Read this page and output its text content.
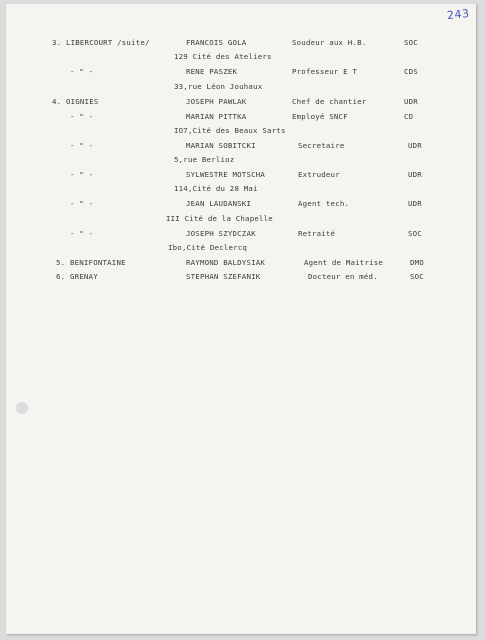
243
3. LIBERCOURT /suite/	FRANCOIS GOLA	Soudeur aux H.B.	SOC
129 Cité des Ateliers
- " -	RENE PASZEK	Professeur E T	CDS
33,rue Léon Jouhaux
4. OIGNIES	JOSEPH PAWLAK	Chef de chantier	UDR
- " -	MARIAN PITTKA	Employé SNCF	CD
IO7,Cité des Beaux Sarts
- " -	MARIAN SOBITCKI	Secretaire	UDR
5,rue Berlioz
- " -	SYLWESTRE MOTSCHA	Extrudeur	UDR
114,Cité du 28 Mai
- " -	JEAN LAUDANSKI	Agent tech.	UDR
III Cité de la Chapelle
- " -	JOSEPH SZYDCZAK	Retraité	SOC
Ibo,Cité Declercq
5. BENIFONTAINE	RAYMOND BALDYSIAK	Agent de Maitrise	DMO
6. GRENAY	STEPHAN SZEFANIK	Docteur en méd.	SOC
